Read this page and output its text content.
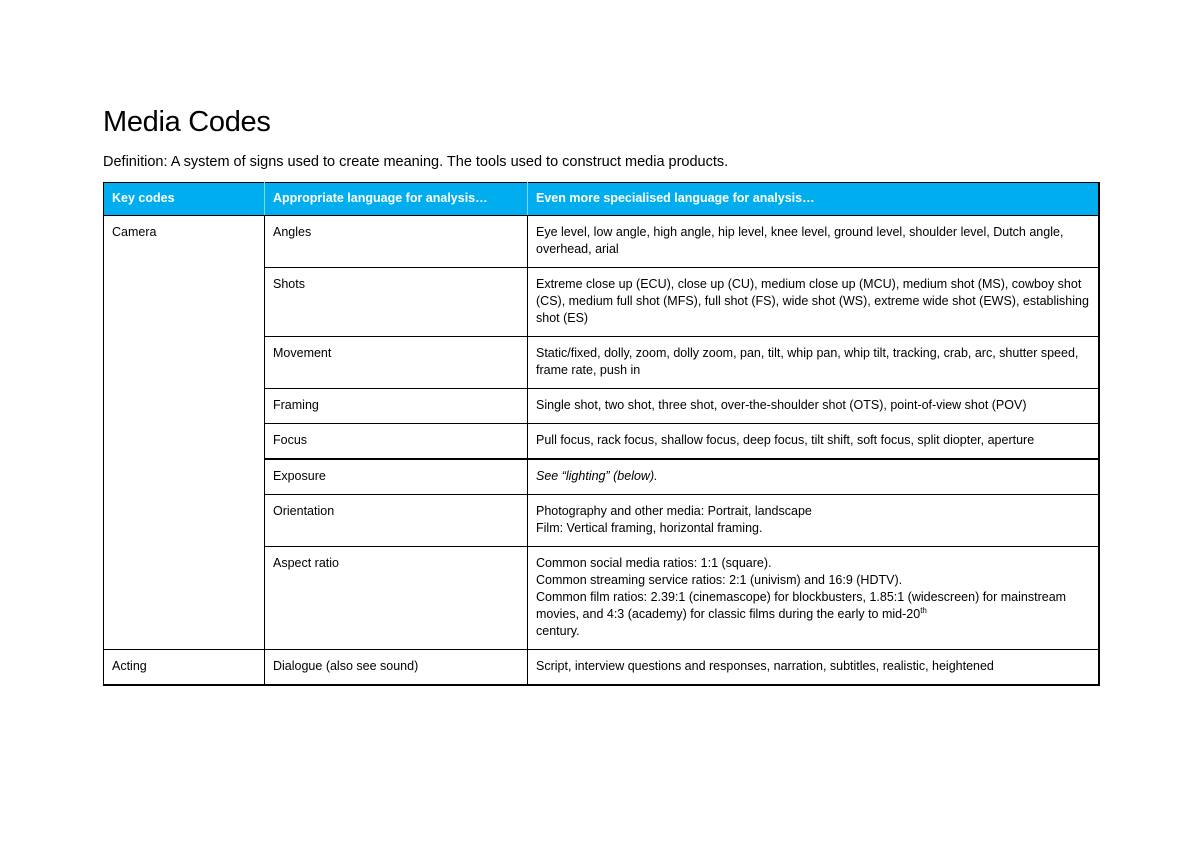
Media Codes

Definition: A system of signs used to create meaning. The tools used to construct media products.

Key codes	Appropriate language for analysis…	Even more specialised language for analysis…
Camera	Angles	Eye level, low angle, high angle, hip level, knee level, ground level, shoulder level, Dutch angle, overhead, arial
	Shots	Extreme close up (ECU), close up (CU), medium close up (MCU), medium shot (MS), cowboy shot (CS), medium full shot (MFS), full shot (FS), wide shot (WS), extreme wide shot (EWS), establishing shot (ES)
	Movement	Static/fixed, dolly, zoom, dolly zoom, pan, tilt, whip pan, whip tilt, tracking, crab, arc, shutter speed, frame rate, push in
	Framing	Single shot, two shot, three shot, over-the-shoulder shot (OTS), point-of-view shot (POV)
	Focus	Pull focus, rack focus, shallow focus, deep focus, tilt shift, soft focus, split diopter, aperture
	Exposure	See “lighting” (below).
	Orientation	Photography and other media: Portrait, landscape
Film: Vertical framing, horizontal framing.

	Aspect ratio	Common social media ratios: 1:1 (square).
Common streaming service ratios: 2:1 (univism) and 16:9 (HDTV).
Common film ratios: 2.39:1 (cinemascope) for blockbusters, 1.85:1 (widescreen) for mainstream movies, and 4:3 (academy) for classic films during the early to mid-20th
century.

Acting	Dialogue (also see sound)	Script, interview questions and responses, narration, subtitles, realistic, heightened
